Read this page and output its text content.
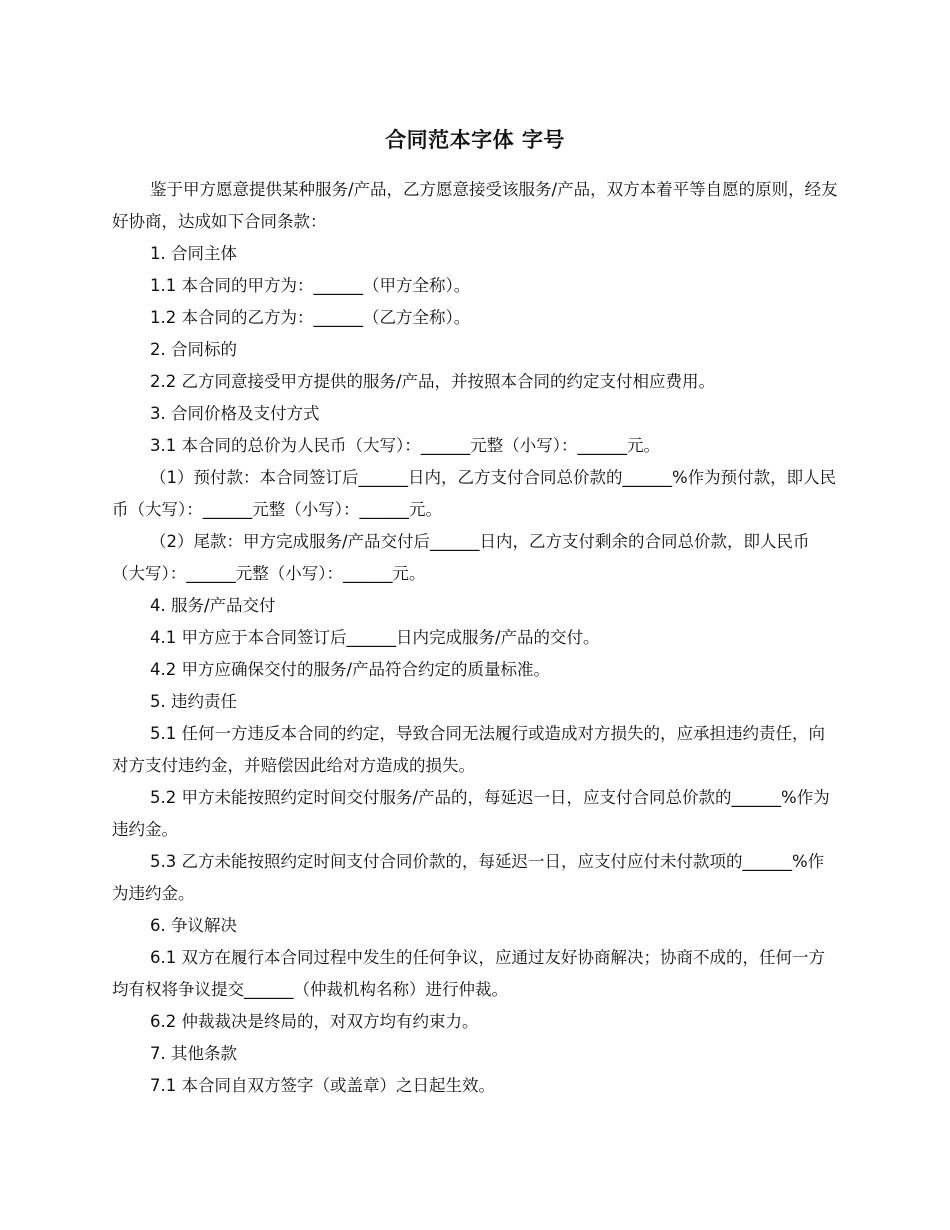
合同范本字体 字号

鉴于甲方愿意提供某种服务/产品，乙方愿意接受该服务/产品，双方本着平等自愿的原则，经友好协商，达成如下合同条款：

1. 合同主体

1.1 本合同的甲方为：______（甲方全称）。

1.2 本合同的乙方为：______（乙方全称）。

2. 合同标的

2.2 乙方同意接受甲方提供的服务/产品，并按照本合同的约定支付相应费用。

3. 合同价格及支付方式

3.1 本合同的总价为人民币（大写）：______元整（小写）：______元。

（1）预付款：本合同签订后______日内，乙方支付合同总价款的______%作为预付款，即人民币（大写）：______元整（小写）：______元。

（2）尾款：甲方完成服务/产品交付后______日内，乙方支付剩余的合同总价款，即人民币（大写）：______元整（小写）：______元。

4. 服务/产品交付

4.1 甲方应于本合同签订后______日内完成服务/产品的交付。

4.2 甲方应确保交付的服务/产品符合约定的质量标准。

5. 违约责任

5.1 任何一方违反本合同的约定，导致合同无法履行或造成对方损失的，应承担违约责任，向对方支付违约金，并赔偿因此给对方造成的损失。

5.2 甲方未能按照约定时间交付服务/产品的，每延迟一日，应支付合同总价款的______%作为违约金。

5.3 乙方未能按照约定时间支付合同价款的，每延迟一日，应支付应付未付款项的______%作为违约金。

6. 争议解决

6.1 双方在履行本合同过程中发生的任何争议，应通过友好协商解决；协商不成的，任何一方均有权将争议提交______（仲裁机构名称）进行仲裁。

6.2 仲裁裁决是终局的，对双方均有约束力。

7. 其他条款

7.1 本合同自双方签字（或盖章）之日起生效。
